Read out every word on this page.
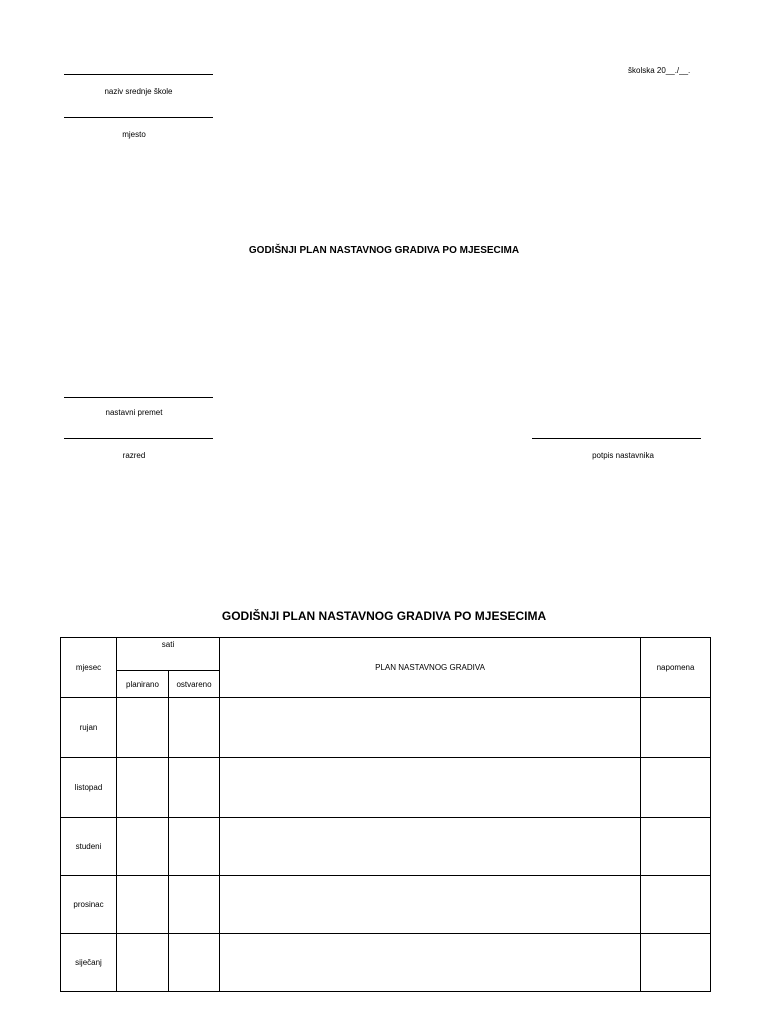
naziv srednje škole
mjesto
školska 20__./__.
GODIŠNJI PLAN NASTAVNOG GRADIVA PO MJESECIMA
nastavni premet
razred	potpis nastavnika
GODIŠNJI PLAN NASTAVNOG GRADIVA PO MJESECIMA
mjesec	sati		PLAN NASTAVNOG GRADIVA	napomena
	planirano	ostvareno		
rujan				
listopad				
studeni				
prosinac				
siječanj				
